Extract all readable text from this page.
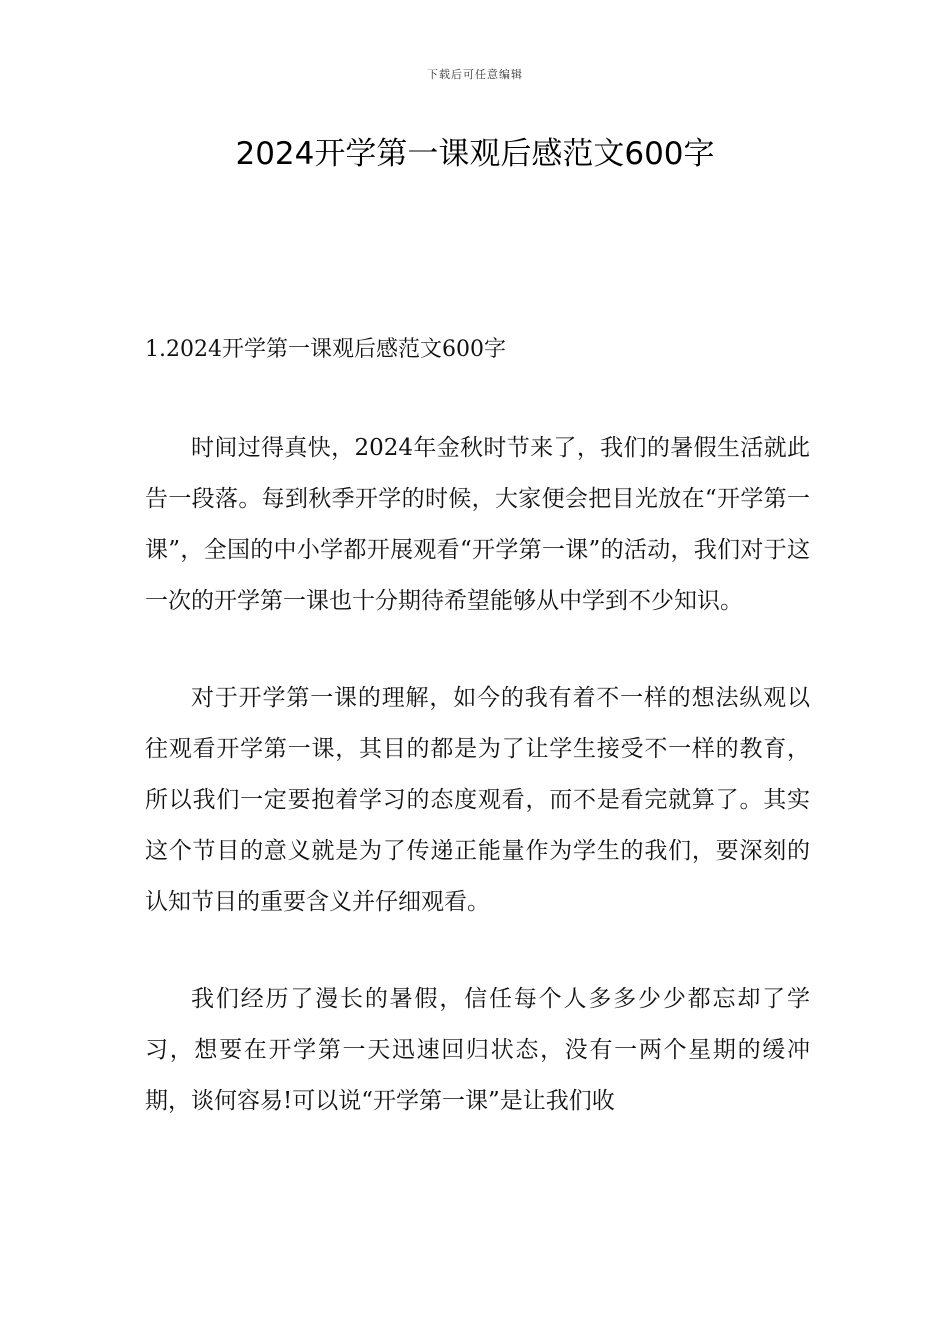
下载后可任意编辑
2024开学第一课观后感范文600字

1.2024开学第一课观后感范文600字

时间过得真快，2024年金秋时节来了，我们的暑假生活就此告一段落。每到秋季开学的时候，大家便会把目光放在“开学第一课”，全国的中小学都开展观看“开学第一课”的活动，我们对于这一次的开学第一课也十分期待希望能够从中学到不少知识。

对于开学第一课的理解，如今的我有着不一样的想法纵观以往观看开学第一课，其目的都是为了让学生接受不一样的教育，所以我们一定要抱着学习的态度观看，而不是看完就算了。其实这个节目的意义就是为了传递正能量作为学生的我们，要深刻的认知节目的重要含义并仔细观看。

我们经历了漫长的暑假，信任每个人多多少少都忘却了学习，想要在开学第一天迅速回归状态，没有一两个星期的缓冲期，谈何容易!可以说“开学第一课”是让我们收
